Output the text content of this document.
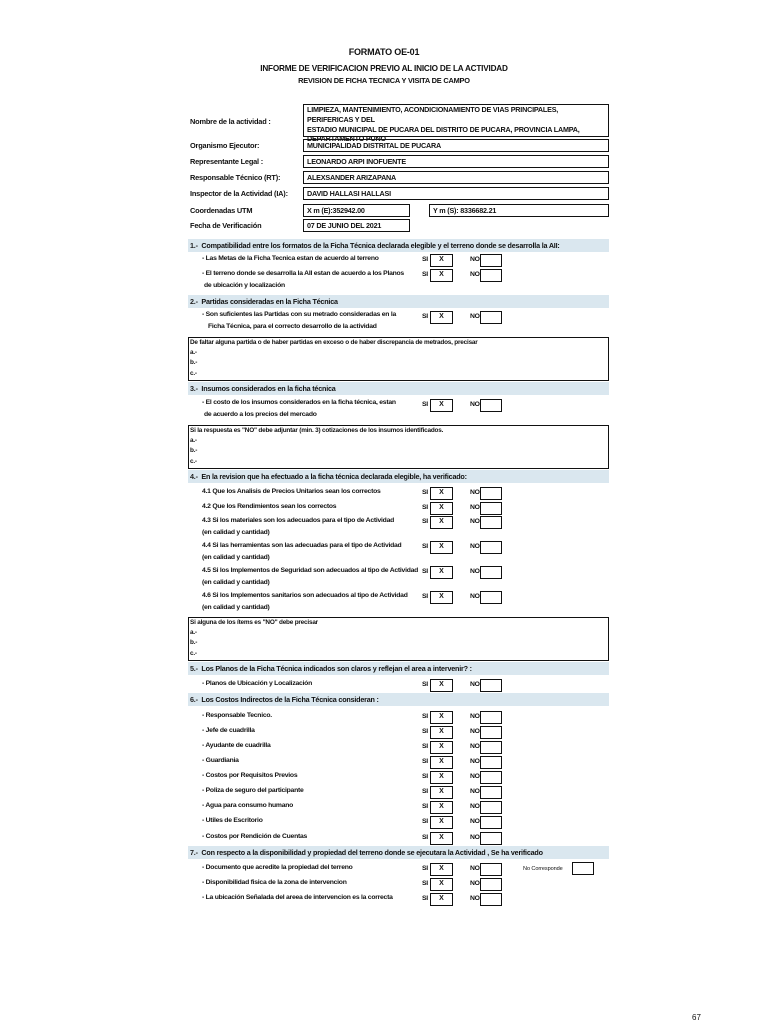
FORMATO OE-01
INFORME DE VERIFICACION PREVIO AL INICIO DE LA ACTIVIDAD
REVISION DE FICHA TECNICA Y VISITA DE CAMPO
Nombre de la actividad :
LIMPIEZA, MANTENIMIENTO, ACONDICIONAMIENTO DE VIAS PRINCIPALES, PERIFERICAS Y DEL
ESTADIO MUNICIPAL DE PUCARA DEL DISTRITO DE PUCARA, PROVINCIA LAMPA,
DEPARTAMENTO PUNO
Organismo Ejecutor:	MUNICIPALIDAD DISTRITAL DE PUCARA
Representante Legal :	LEONARDO ARPI INOFUENTE
Responsable Técnico (RT):	ALEXSANDER ARIZAPANA
Inspector de la Actividad (IA):	DAVID HALLASI HALLASI
Coordenadas UTM	X m (E):352942.00	Y m (S): 8336682.21
Fecha de Verificación	07 DE JUNIO DEL 2021
1.- Compatibilidad entre los formatos de la Ficha Técnica declarada elegible y el terreno donde se desarrolla la AII:
- Las Metas de la Ficha Tecnica estan de acuerdo al terreno	SI	X	NO
- El terreno donde se desarrolla la AII estan de acuerdo a los Planos
de ubicación y localización
SI	X	NO
2.- Partidas consideradas en la Ficha Técnica
- Son suficientes las Partidas con su metrado consideradas en la
Ficha Técnica, para el correcto desarrollo de la actividad
SI	X	NO
De faltar alguna partida o de haber partidas en exceso o de haber discrepancia de metrados, precisar
a.-
b.-
c.-
3.- Insumos considerados en la ficha técnica
- El costo de los insumos considerados en la ficha técnica, estan
de acuerdo a los precios del mercado
SI	X	NO
Si la respuesta es "NO" debe adjuntar (min. 3) cotizaciones de los insumos identificados.
a.-
b.-
c.-
4.- En la revision que ha efectuado a la ficha técnica declarada elegible, ha verificado:
4.1 Que los Analisis de Precios Unitarios sean los correctos	SI	X	NO
4.2 Que los Rendimientos sean los correctos	SI	X	NO
4.3 Si los materiales son los adecuados para el tipo de Actividad
(en calidad y cantidad)
SI	X	NO
4.4 Si las herramientas son las adecuadas para el tipo de Actividad
(en calidad y cantidad)
SI	X	NO
4.5 Si los Implementos de Seguridad son adecuados al tipo de Actividad
(en calidad y cantidad)
SI	X	NO
4.6 Si los Implementos sanitarios son adecuados al tipo de Actividad
(en calidad y cantidad)
SI	X	NO
Si alguna de los ítems es "NO" debe precisar
a.-
b.-
c.-
5.- Los Planos de la Ficha Técnica indicados son claros y reflejan el area a intervenir? :
- Planos de Ubicación y Localización	SI	X	NO
6.- Los Costos Indirectos de la Ficha Técnica consideran :
- Responsable Tecnico.	SI	X	NO
- Jefe de cuadrilla	SI	X	NO
- Ayudante de cuadrilla	SI	X	NO
- Guardiania	SI	X	NO
- Costos por Requisitos Previos	SI	X	NO
- Poliza de seguro del participante	SI	X	NO
- Agua para consumo humano	SI	X	NO
- Utiles de Escritorio	SI	X	NO
- Costos por Rendición de Cuentas	SI	X	NO
7.- Con respecto a la disponibilidad y propiedad del terreno donde se ejecutara la Actividad , Se ha verificado
- Documento que acredite la propiedad del terreno	SI	X	NO	No Corresponde
- Disponibilidad fisica de la zona de intervencion	SI	X	NO
- La ubicación Señalada del areea de intervencion es la correcta	SI	X	NO
67
